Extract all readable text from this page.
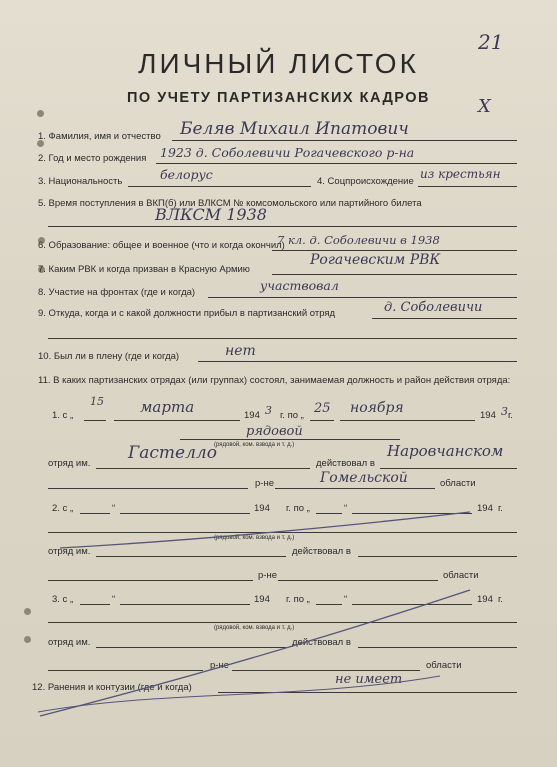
21
Х
ЛИЧНЫЙ ЛИСТОК
ПО УЧЕТУ ПАРТИЗАНСКИХ КАДРОВ
1. Фамилия, имя и отчество Беляв Михаил Ипатович
2. Год и место рождения 1923 д. Соболевичи Рогачевского р-на
3. Национальность	белорус	4. Соцпроисхождение
из крестьян
5. Время поступления в ВКП(б) или ВЛКСМ № комсомольского или партийного билета
ВЛКСМ 1938
6. Образование: общее и военное (что и когда окончил)
7 кл. д. Соболевичи в 1938
7. Каким РВК и когда призван в Красную Армию
Рогачевским РВК
8. Участие на фронтах (где и когда)	участвовал
9. Откуда, когда и с какой должности прибыл в партизанский отряд	д. Соболевичи
10. Был ли в плену (где и когда)	нет
11. В каких партизанских отрядах (или группах) состоял, занимаемая должность и район действия отряда:
1. с „
15 марта	194 3 г. по „ 25 ноября	194 3 г.
рядовой
(рядовой, ком. взвода и т. д.)
отряд им.
Гастелло
действовал в
Наровчанском
р-не	Гомельской	области
2. с „	“	194 г. по „	“	194 г.
(рядовой, ком. взвода и т. д.)
отряд им.	действовал в
р-не	области
3. с „	“	194 г. по „	“	194 г.
(рядовой, ком. взвода и т. д.)
отряд им.	действовал в
р-не	области
12. Ранения и контузии (где и когда)
не имеет
